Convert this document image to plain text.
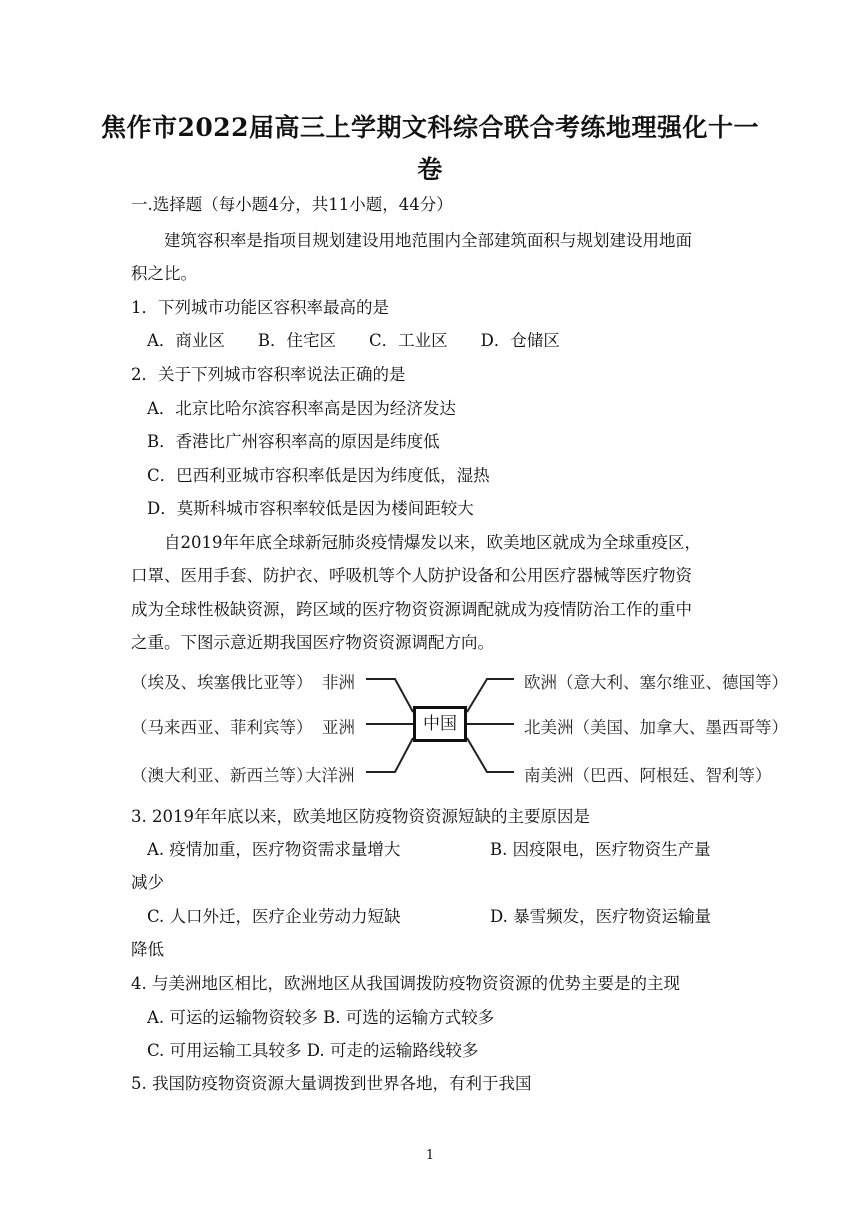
焦作市2022届高三上学期文科综合联合考练地理强化十一
卷
一.选择题（每小题4分，共11小题，44分）
建筑容积率是指项目规划建设用地范围内全部建筑面积与规划建设用地面
积之比。
1．下列城市功能区容积率最高的是
A．商业区　　B．住宅区　　C．工业区　　D．仓储区
2．关于下列城市容积率说法正确的是
A．北京比哈尔滨容积率高是因为经济发达
B．香港比广州容积率高的原因是纬度低
C．巴西利亚城市容积率低是因为纬度低，湿热
D．莫斯科城市容积率较低是因为楼间距较大
自2019年年底全球新冠肺炎疫情爆发以来，欧美地区就成为全球重疫区，
口罩、医用手套、防护衣、呼吸机等个人防护设备和公用医疗器械等医疗物资
成为全球性极缺资源，跨区域的医疗物资资源调配就成为疫情防治工作的重中
之重。下图示意近期我国医疗物资资源调配方向。
中国
（埃及、埃塞俄比亚等） 非洲
（马来西亚、菲利宾等） 亚洲
（澳大利亚、新西兰等）
大洋洲
欧洲（意大利、塞尔维亚、德国等）
北美洲（美国、加拿大、墨西哥等）
南美洲（巴西、阿根廷、智利等）
3. 2019年年底以来，欧美地区防疫物资资源短缺的主要原因是
A. 疫情加重，医疗物资需求量增大	B. 因疫限电，医疗物资生产量
减少
C. 人口外迁，医疗企业劳动力短缺	D. 暴雪频发，医疗物资运输量
降低
4. 与美洲地区相比，欧洲地区从我国调拨防疫物资资源的优势主要是的主现
A. 可运的运输物资较多 B. 可选的运输方式较多
C. 可用运输工具较多 D. 可走的运输路线较多
5. 我国防疫物资资源大量调拨到世界各地，有利于我国
1
